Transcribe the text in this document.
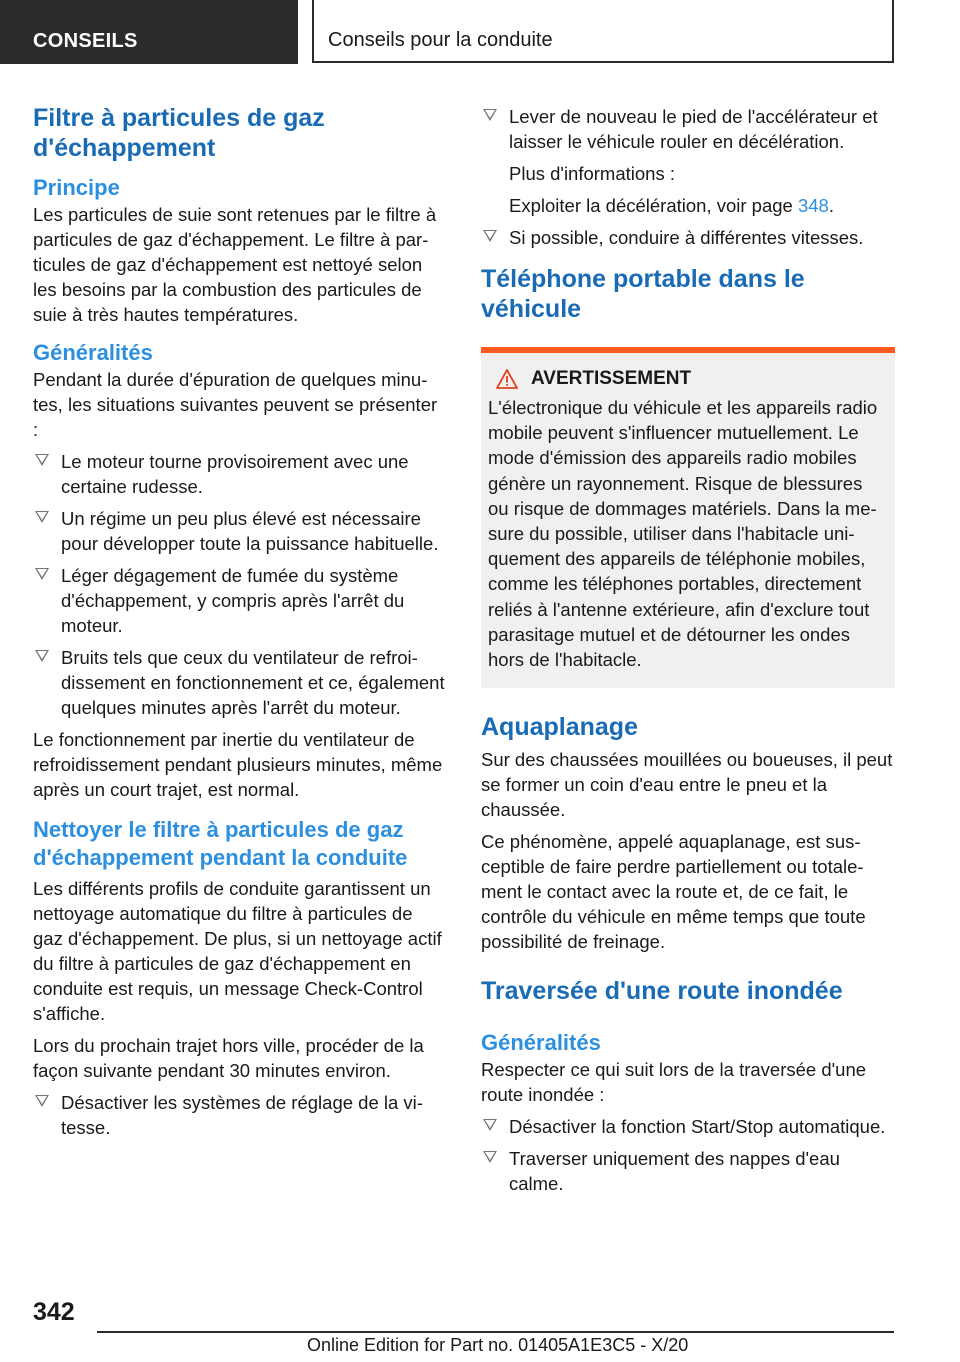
CONSEILS	Conseils pour la conduite
Filtre à particules de gaz d'échappement
Principe

Les particules de suie sont retenues par le filtre à particules de gaz d'échappement. Le filtre à particules de gaz d'échappement est nettoyé selon les besoins par la combustion des particules de suie à très hautes températures.

Généralités

Pendant la durée d'épuration de quelques minutes, les situations suivantes peuvent se présenter :

Le moteur tourne provisoirement avec une certaine rudesse.
Un régime un peu plus élevé est nécessaire pour développer toute la puissance habituelle.
Léger dégagement de fumée du système d'échappement, y compris après l'arrêt du moteur.
Bruits tels que ceux du ventilateur de refroidissement en fonctionnement et ce, également quelques minutes après l'arrêt du moteur.

Le fonctionnement par inertie du ventilateur de refroidissement pendant plusieurs minutes, même après un court trajet, est normal.

Nettoyer le filtre à particules de gaz d'échappement pendant la conduite

Les différents profils de conduite garantissent un nettoyage automatique du filtre à particules de gaz d'échappement. De plus, si un nettoyage actif du filtre à particules de gaz d'échappement en conduite est requis, un message Check-Control s'affiche.

Lors du prochain trajet hors ville, procéder de la façon suivante pendant 30 minutes environ.

Désactiver les systèmes de réglage de la vitesse.
Lever de nouveau le pied de l'accélérateur et laisser le véhicule rouler en décélération.
Plus d'informations :
Exploiter la décélération, voir page 348.
Si possible, conduire à différentes vitesses.
Téléphone portable dans le véhicule
AVERTISSEMENT

L'électronique du véhicule et les appareils radio mobile peuvent s'influencer mutuellement. Le mode d'émission des appareils radio mobiles génère un rayonnement. Risque de blessures ou risque de dommages matériels. Dans la mesure du possible, utiliser dans l'habitacle uniquement des appareils de téléphonie mobiles, comme les téléphones portables, directement reliés à l'antenne extérieure, afin d'exclure tout parasitage mutuel et de détourner les ondes hors de l'habitacle.

Aquaplanage

Sur des chaussées mouillées ou boueuses, il peut se former un coin d'eau entre le pneu et la chaussée.

Ce phénomène, appelé aquaplanage, est susceptible de faire perdre partiellement ou totalement le contact avec la route et, de ce fait, le contrôle du véhicule en même temps que toute possibilité de freinage.

Traversée d'une route inondée
Généralités

Respecter ce qui suit lors de la traversée d'une route inondée :

Désactiver la fonction Start/Stop automatique.
Traverser uniquement des nappes d'eau calme.
342
Online Edition for Part no. 01405A1E3C5 - X/20
